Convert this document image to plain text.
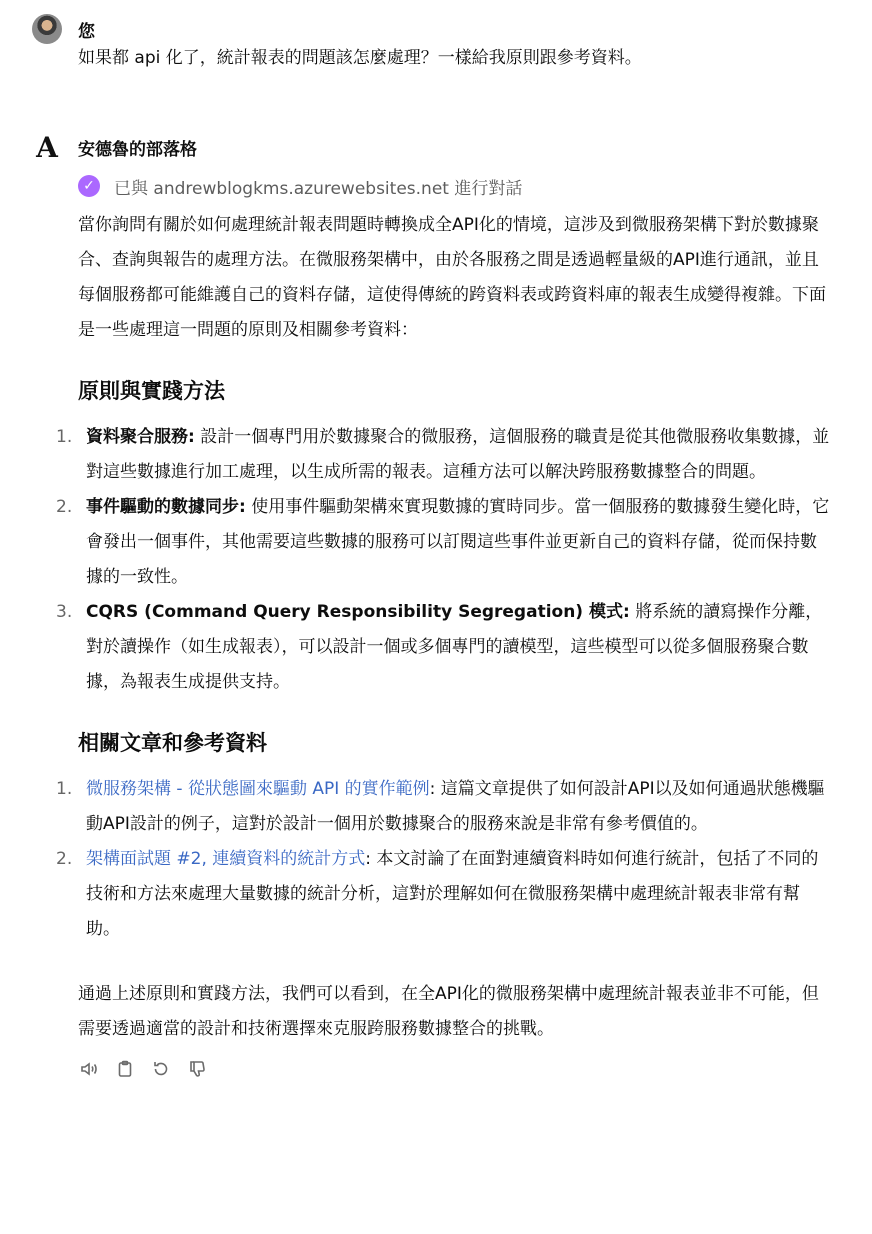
您
如果都 api 化了，統計報表的問題該怎麼處理？一樣給我原則跟參考資料。
A 安德魯的部落格
✓	已與 andrewblogkms.azurewebsites.net 進行對話

當你詢問有關於如何處理統計報表問題時轉換成全API化的情境，這涉及到微服務架構下對於數據聚合、查詢與報告的處理方法。在微服務架構中，由於各服務之間是透過輕量級的API進行通訊，並且每個服務都可能維護自己的資料存儲，這使得傳統的跨資料表或跨資料庫的報表生成變得複雜。下面是一些處理這一問題的原則及相關參考資料：

原則與實踐方法
1. 資料聚合服務: 設計一個專門用於數據聚合的微服務，這個服務的職責是從其他微服務收集數據，並對這些數據進行加工處理，以生成所需的報表。這種方法可以解決跨服務數據整合的問題。
2. 事件驅動的數據同步: 使用事件驅動架構來實現數據的實時同步。當一個服務的數據發生變化時，它會發出一個事件，其他需要這些數據的服務可以訂閱這些事件並更新自己的資料存儲，從而保持數據的一致性。
3. CQRS (Command Query Responsibility Segregation) 模式: 將系統的讀寫操作分離，對於讀操作（如生成報表），可以設計一個或多個專門的讀模型，這些模型可以從多個服務聚合數據，為報表生成提供支持。
相關文章和參考資料
1. 微服務架構 - 從狀態圖來驅動 API 的實作範例: 這篇文章提供了如何設計API以及如何通過狀態機驅動API設計的例子，這對於設計一個用於數據聚合的服務來說是非常有參考價值的。
2. 架構面試題 #2, 連續資料的統計方式: 本文討論了在面對連續資料時如何進行統計，包括了不同的技術和方法來處理大量數據的統計分析，這對於理解如何在微服務架構中處理統計報表非常有幫助。

通過上述原則和實踐方法，我們可以看到，在全API化的微服務架構中處理統計報表並非不可能，但需要透過適當的設計和技術選擇來克服跨服務數據整合的挑戰。
